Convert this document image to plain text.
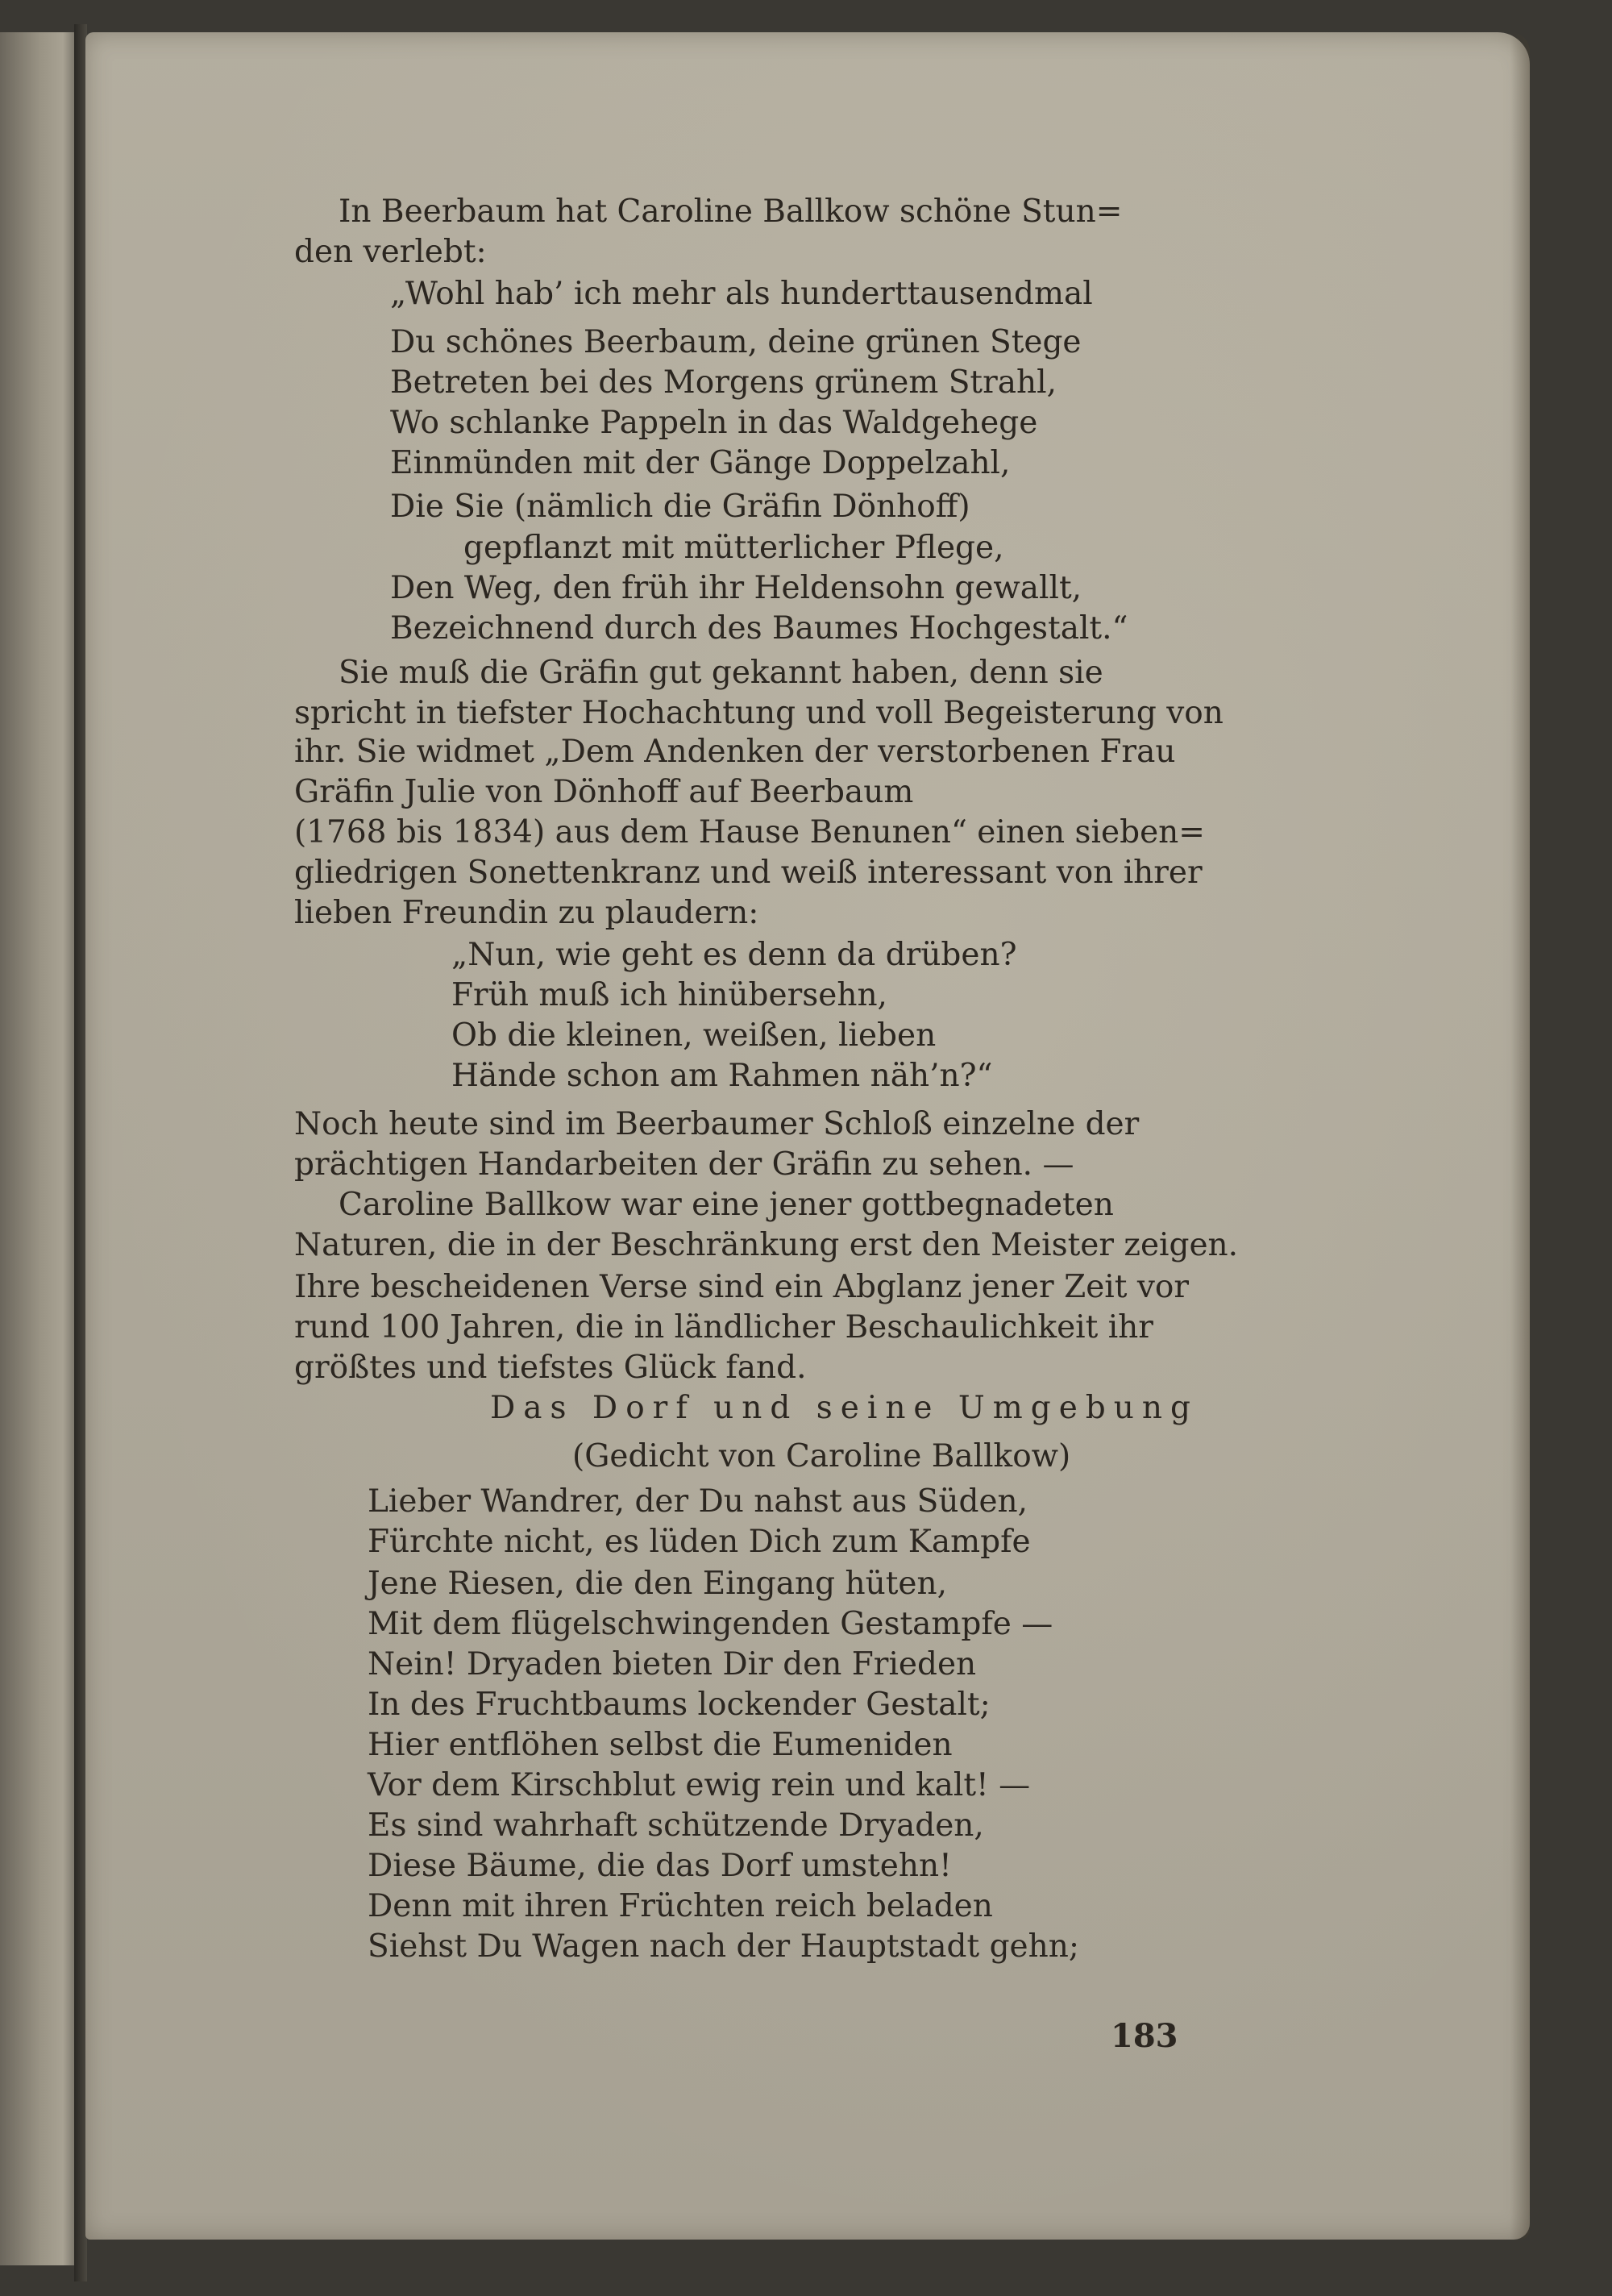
In Beerbaum hat Caroline Ballkow schöne Stun=
den verlebt:
„Wohl hab’ ich mehr als hunderttausendmal
Du schönes Beerbaum, deine grünen Stege
Betreten bei des Morgens grünem Strahl,
Wo schlanke Pappeln in das Waldgehege
Einmünden mit der Gänge Doppelzahl,
Die Sie (nämlich die Gräfin Dönhoff)
gepflanzt mit mütterlicher Pflege,
Den Weg, den früh ihr Heldensohn gewallt,
Bezeichnend durch des Baumes Hochgestalt.“
Sie muß die Gräfin gut gekannt haben, denn sie
spricht in tiefster Hochachtung und voll Begeisterung von
ihr. Sie widmet „Dem Andenken der verstorbenen Frau
Gräfin Julie von Dönhoff auf Beerbaum
(1768 bis 1834) aus dem Hause Benunen“ einen sieben=
gliedrigen Sonettenkranz und weiß interessant von ihrer
lieben Freundin zu plaudern:
„Nun, wie geht es denn da drüben?
Früh muß ich hinübersehn,
Ob die kleinen, weißen, lieben
Hände schon am Rahmen näh’n?“
Noch heute sind im Beerbaumer Schloß einzelne der
prächtigen Handarbeiten der Gräfin zu sehen. —
Caroline Ballkow war eine jener gottbegnadeten
Naturen, die in der Beschränkung erst den Meister zeigen.
Ihre bescheidenen Verse sind ein Abglanz jener Zeit vor
rund 100 Jahren, die in ländlicher Beschaulichkeit ihr
größtes und tiefstes Glück fand.
Das Dorf und seine Umgebung
(Gedicht von Caroline Ballkow)
Lieber Wandrer, der Du nahst aus Süden,
Fürchte nicht, es lüden Dich zum Kampfe
Jene Riesen, die den Eingang hüten,
Mit dem flügelschwingenden Gestampfe —
Nein! Dryaden bieten Dir den Frieden
In des Fruchtbaums lockender Gestalt;
Hier entflöhen selbst die Eumeniden
Vor dem Kirschblut ewig rein und kalt! —
Es sind wahrhaft schützende Dryaden,
Diese Bäume, die das Dorf umstehn!
Denn mit ihren Früchten reich beladen
Siehst Du Wagen nach der Hauptstadt gehn;
183
